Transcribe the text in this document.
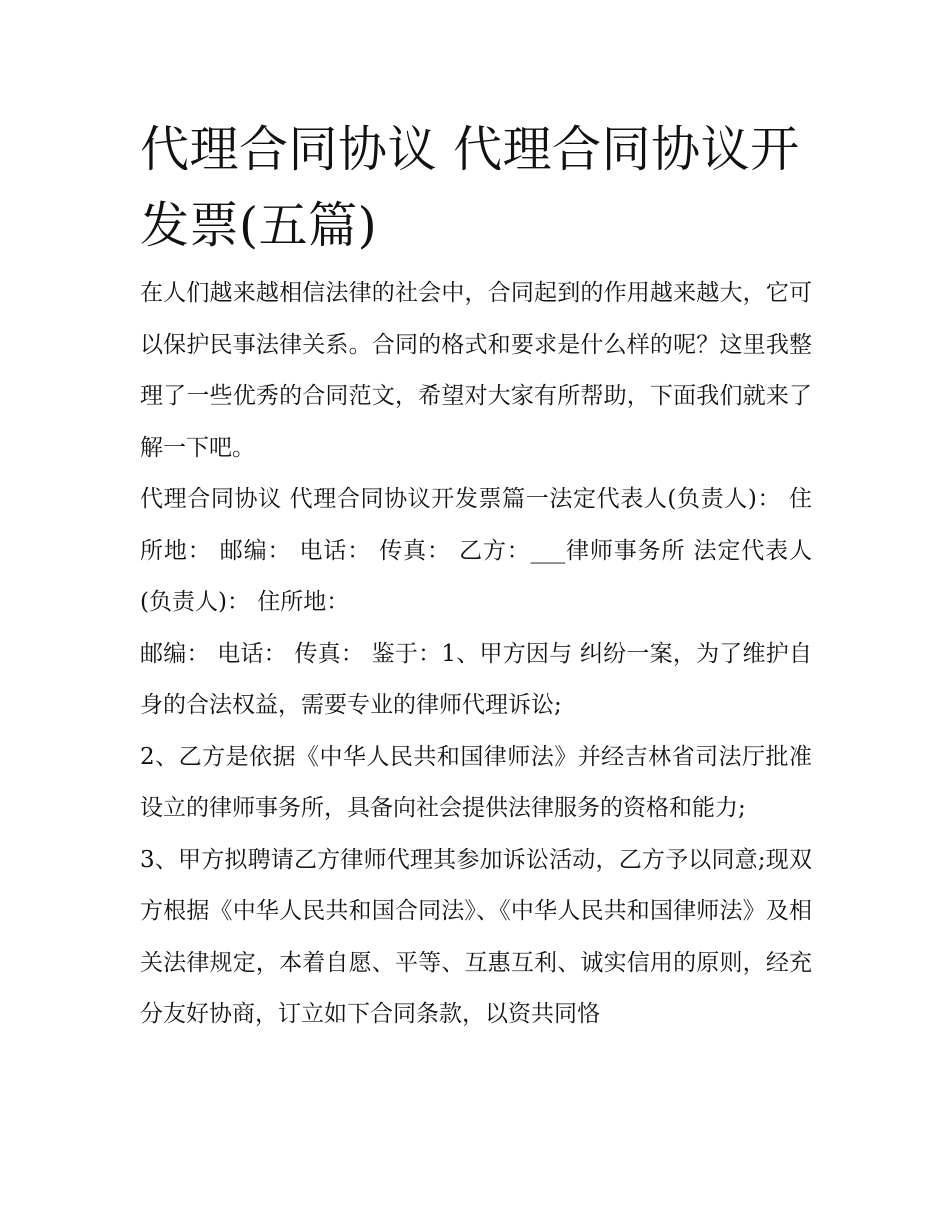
代理合同协议 代理合同协议开发票(五篇)

在人们越来越相信法律的社会中，合同起到的作用越来越大，它可以保护民事法律关系。合同的格式和要求是什么样的呢？这里我整理了一些优秀的合同范文，希望对大家有所帮助，下面我们就来了解一下吧。

代理合同协议 代理合同协议开发票篇一法定代表人(负责人)： 住所地： 邮编： 电话： 传真： 乙方：___律师事务所 法定代表人(负责人)： 住所地：

邮编： 电话： 传真： 鉴于：1、甲方因与 纠纷一案，为了维护自身的合法权益，需要专业的律师代理诉讼;

2、乙方是依据《中华人民共和国律师法》并经吉林省司法厅批准设立的律师事务所，具备向社会提供法律服务的资格和能力;

3、甲方拟聘请乙方律师代理其参加诉讼活动，乙方予以同意;现双方根据《中华人民共和国合同法》、《中华人民共和国律师法》及相关法律规定，本着自愿、平等、互惠互利、诚实信用的原则，经充分友好协商，订立如下合同条款，以资共同恪
